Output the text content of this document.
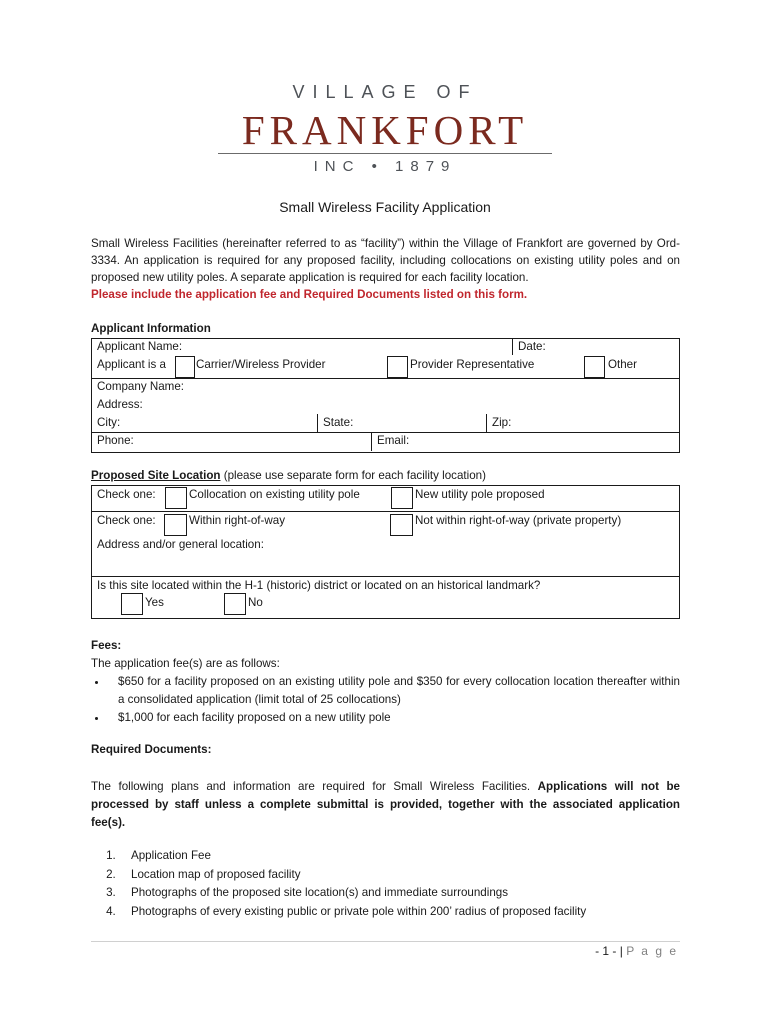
VILLAGE OF
FRANKFORT
INC • 1879
Small Wireless Facility Application
Small Wireless Facilities (hereinafter referred to as “facility”) within the Village of Frankfort are governed by Ord-3334. An application is required for any proposed facility, including collocations on existing utility poles and on proposed new utility poles. A separate application is required for each facility location.
Please include the application fee and Required Documents listed on this form.
Applicant Information
Applicant Name:	Date:
Applicant is a	Carrier/Wireless Provider	Provider Representative	Other
Company Name:
Address:
City:	State:	Zip:
Phone:	Email:
Proposed Site Location (please use separate form for each facility location)
Check one:	Collocation on existing utility pole	New utility pole proposed
Check one:	Within right-of-way	Not within right-of-way (private property)
Address and/or general location:
Is this site located within the H-1 (historic) district or located on an historical landmark?
Yes	No
Fees:
The application fee(s) are as follows:
• $650 for a facility proposed on an existing utility pole and $350 for every collocation location thereafter within a consolidated application (limit total of 25 collocations)
• $1,000 for each facility proposed on a new utility pole
Required Documents:
The following plans and information are required for Small Wireless Facilities. Applications will not be processed by staff unless a complete submittal is provided, together with the associated application fee(s).
1. Application Fee
2. Location map of proposed facility
3. Photographs of the proposed site location(s) and immediate surroundings
4. Photographs of every existing public or private pole within 200’ radius of proposed facility
- 1 - | P a g e
